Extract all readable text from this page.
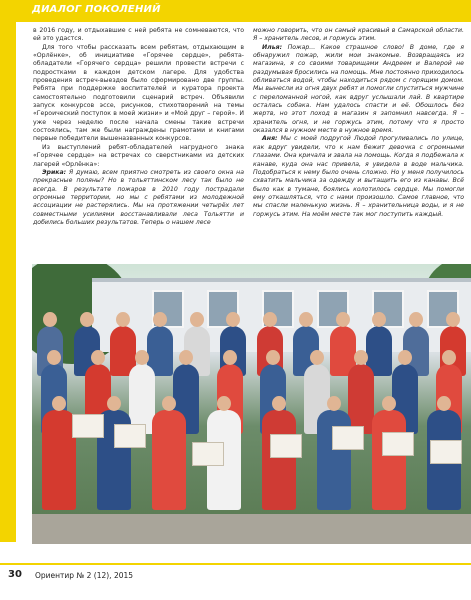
ДИАЛОГ ПОКОЛЕНИЙ

в 2016 году, и отдыхавшие с ней ребята не сомневаются, что ей это удастся.

Для того чтобы рассказать всем ребятам, отдыхающим в «Орлёнке», об инициативе «Горячее сердце», ребята-обладатели «Горячего сердца» решили провести встречи с подростками в каждом детском лагере. Для удобства проведения встреч-выездов было сформировано две группы. Ребята при поддержке воспитателей и куратора проекта самостоятельно подготовили сценарий встреч. Объявили запуск конкурсов эссе, рисунков, стихотворений на темы «Героический поступок в моей жизни» и «Мой друг – герой». И уже через неделю после начала смены такие встречи состоялись, там же были награждены грамотами и книгами первые победители вышеназванных конкурсов.

Из выступлений ребят-обладателей нагрудного знака «Горячее сердце» на встречах со сверстниками из детских лагерей «Орлёнка»:

Эрика: Я думаю, всем приятно смотреть из своего окна на прекрасные поляны? Но в тольяттинском лесу так было не всегда. В результате пожаров в 2010 году пострадали огромные территории, но мы с ребятами из молодежной ассоциации не растерялись. Мы на протяжении четырёх лет совместными усилиями восстанавливали леса Тольятти и добились больших результатов. Теперь о нашем лесе

можно говорить, что он самый красивый в Самарской области. Я – хранитель лесов, и горжусь этим.

Илья: Пожар... Какое страшное слово! В доме, где я обнаружил пожар, жили мои знакомые. Возвращаясь из магазина, я со своими товарищами Андреем и Валерой не раздумывая бросились на помощь. Мне постоянно приходилось обливаться водой, чтобы находиться рядом с горящим домом. Мы вынесли из огня двух ребят и помогли спуститься мужчине с переломанной ногой, как вдруг услышали лай. В квартире осталась собака. Нам удалось спасти и её. Обошлось без жертв, но этот поход в магазин я запомнил навсегда. Я – хранитель огня, и не горжусь этим, потому что я просто оказался в нужном месте в нужное время.

Аня: Мы с моей подругой Людой прогуливались по улице, как вдруг увидели, что к нам бежит девочка с огромными глазами. Она кричала и звала на помощь. Когда я подбежала к канаве, куда она нас привела, я увидела в воде мальчика. Подобраться к нему было очень сложно. Но у меня получилось схватить мальчика за одежду и вытащить его из канавы. Всё было как в тумане, боялись колотилось сердце. Мы помогли ему откашляться, что с нами произошло. Самое главное, что мы спасли маленькую жизнь. Я – хранительница воды, и я не горжусь этим. На моём месте так мог поступить каждый.

30 Ориентир № 2 (12), 2015
